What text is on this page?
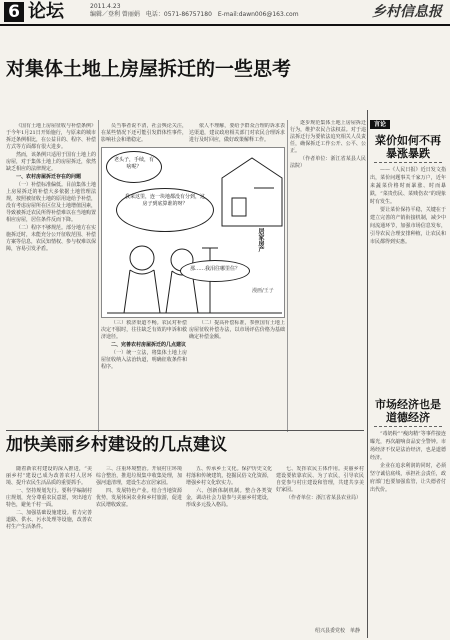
6 论坛	2011.4.23
编辑／登利 曾丽娟　电话：0571-86757180　E-mail:dawn006@163.com	乡村信息报
对集体土地上房屋拆迁的一些思考

《国有土地上房屋征收与补偿条例》于今年1月21日开始施行，与原来的城市拆迁条例相比，在公益目的、程序、补偿方式等方面都有很大进步。

然而，该条例只适用于国有土地上的房屋，对于集体土地上的房屋拆迁，依然缺乏相应的法律规定。

一、农村房屋拆迁存在的问题

（一）补偿标准偏低。目前集体土地上房屋拆迁的补偿大多依据土地管理法规，按照被征收土地的原用途给予补偿，没有考虑房屋所在区位及土地增值因素，导致被拆迁农民所得补偿难以在当地购置相应房屋，居住条件反而下降。

（二）程序不够规范。部分地方在实施拆迁时，未能充分公开征收范围、补偿方案等信息，农民知情权、参与权难以保障，容易引发矛盾。

员当事者说不清，社会舆论关注，在某些情况下还可能引发群体性事件，影响社会和谐稳定。

依人不理解，要给予群众合理的诉求表达渠道，建议政府相关部门对农民合理诉求进行及时回应，做好政策解释工作。

老头子，手续，有啥呢？
我来这里，连一块地都没有分到，这房子到底算谁的呀？
那……我泪往哪里住？
居家房产
漫画/王子

（三）救济渠道不畅。农民对补偿决定不服时，往往缺乏有效的申诉和救济途径。

二、完善农村房屋拆迁的几点建议

（一）统一立法，将集体土地上房屋征收纳入法治轨道，明确征收条件和程序。

（二）提高补偿标准，参照国有土地上房屋征收补偿办法，以市场评估价格为基础确定补偿金额。

逐步规范集体土地上房屋拆迁行为，维护农民合法权益。对于违法拆迁行为要依法追究相关人员责任，确保拆迁工作公开、公平、公正。

（作者单位：浙江省某县人民法院）

加快美丽乡村建设的几点建议

随着新农村建设的深入推进，“美丽乡村”建设已成为改善农村人居环境、提升农民生活品质的重要抓手。

一、坚持规划先行。要科学编制村庄规划，充分尊重农民意愿，突出地方特色，避免千村一面。

二、加强基础设施建设。着力完善道路、供水、污水处理等设施，改善农村生产生活条件。

三、注重环境整治。开展村庄环境综合整治，推进垃圾集中收集处理，加强河道清理，建设生态宜居家园。

四、发展特色产业。结合当地资源优势，发展休闲农业和乡村旅游，促进农民增收致富。

五、传承乡土文化。保护历史文化村落和传统建筑，挖掘民俗文化资源，增强乡村文化软实力。

六、创新体制机制。整合各类资金，调动社会力量参与美丽乡村建设，形成多元投入格局。

七、发挥农民主体作用。美丽乡村建设要依靠农民、为了农民，引导农民自觉参与村庄建设和管理，共建共享美好家园。

（作者单位：浙江省某县农业局）

绍兴县委党校　单静
言论
菜价如何不再暴涨暴跌

——《人民日报》近日发文指出，菜价问题事关千家万户，近年来蔬菜价格时而暴涨、时而暴跌，“菜贵伤民、菜贱伤农”的现象时有发生。

要让菜价保持平稳，关键在于建立完善的产销衔接机制，减少中间流通环节，加强市场信息发布，引导农民合理安排种植，让农民和市民都得到实惠。

市场经济也是道德经济

“毒奶粉”“瘦肉精”等事件接连曝光，再次敲响食品安全警钟。市场经济不仅是法治经济，也是道德经济。

企业在追求利润的同时，必须坚守诚信底线，承担社会责任，政府部门也要加强监管，让失德者付出代价。
